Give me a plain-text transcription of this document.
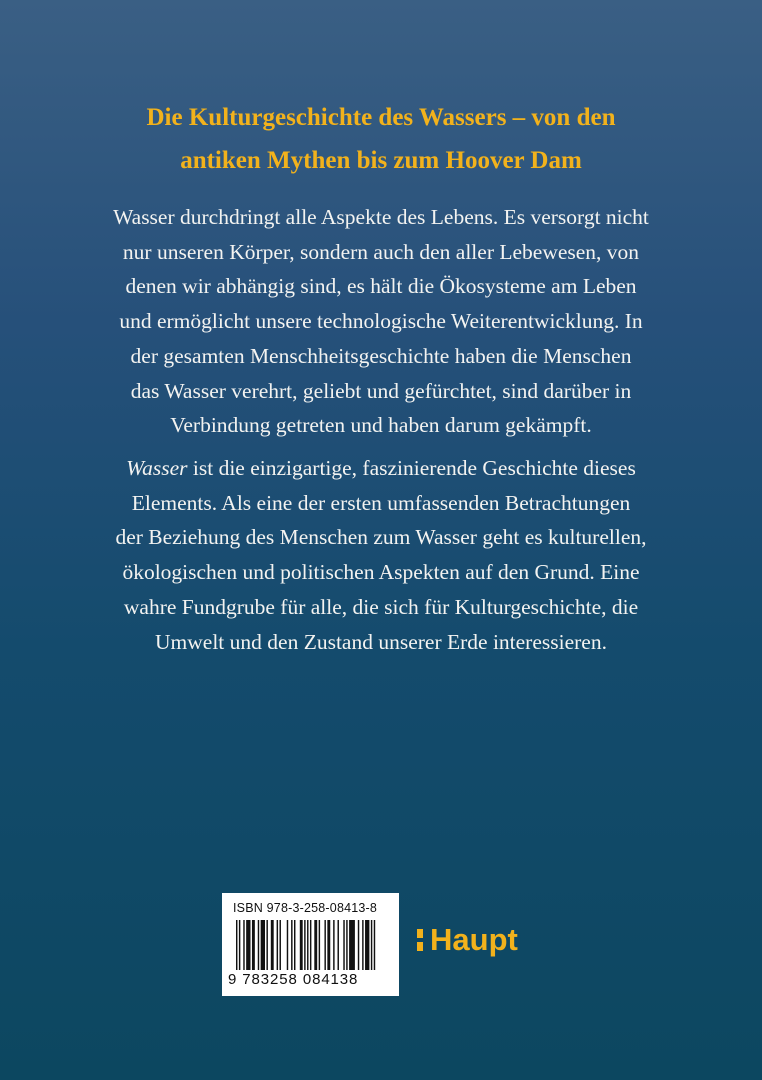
Die Kulturgeschichte des Wassers – von den
antiken Mythen bis zum Hoover Dam
Wasser durchdringt alle Aspekte des Lebens. Es versorgt nicht
nur unseren Körper, sondern auch den aller Lebewesen, von
denen wir abhängig sind, es hält die Ökosysteme am Leben
und ermöglicht unsere technologische Weiterentwicklung. In
der gesamten Menschheitsgeschichte haben die Menschen
das Wasser verehrt, geliebt und gefürchtet, sind darüber in
Verbindung getreten und haben darum gekämpft.
Wasser ist die einzigartige, faszinierende Geschichte dieses
Elements. Als eine der ersten umfassenden Betrachtungen
der Beziehung des Menschen zum Wasser geht es kulturellen,
ökologischen und politischen Aspekten auf den Grund. Eine
wahre Fundgrube für alle, die sich für Kulturgeschichte, die
Umwelt und den Zustand unserer Erde interessieren.
ISBN 978-3-258-08413-8
9 783258 084138
Haupt
